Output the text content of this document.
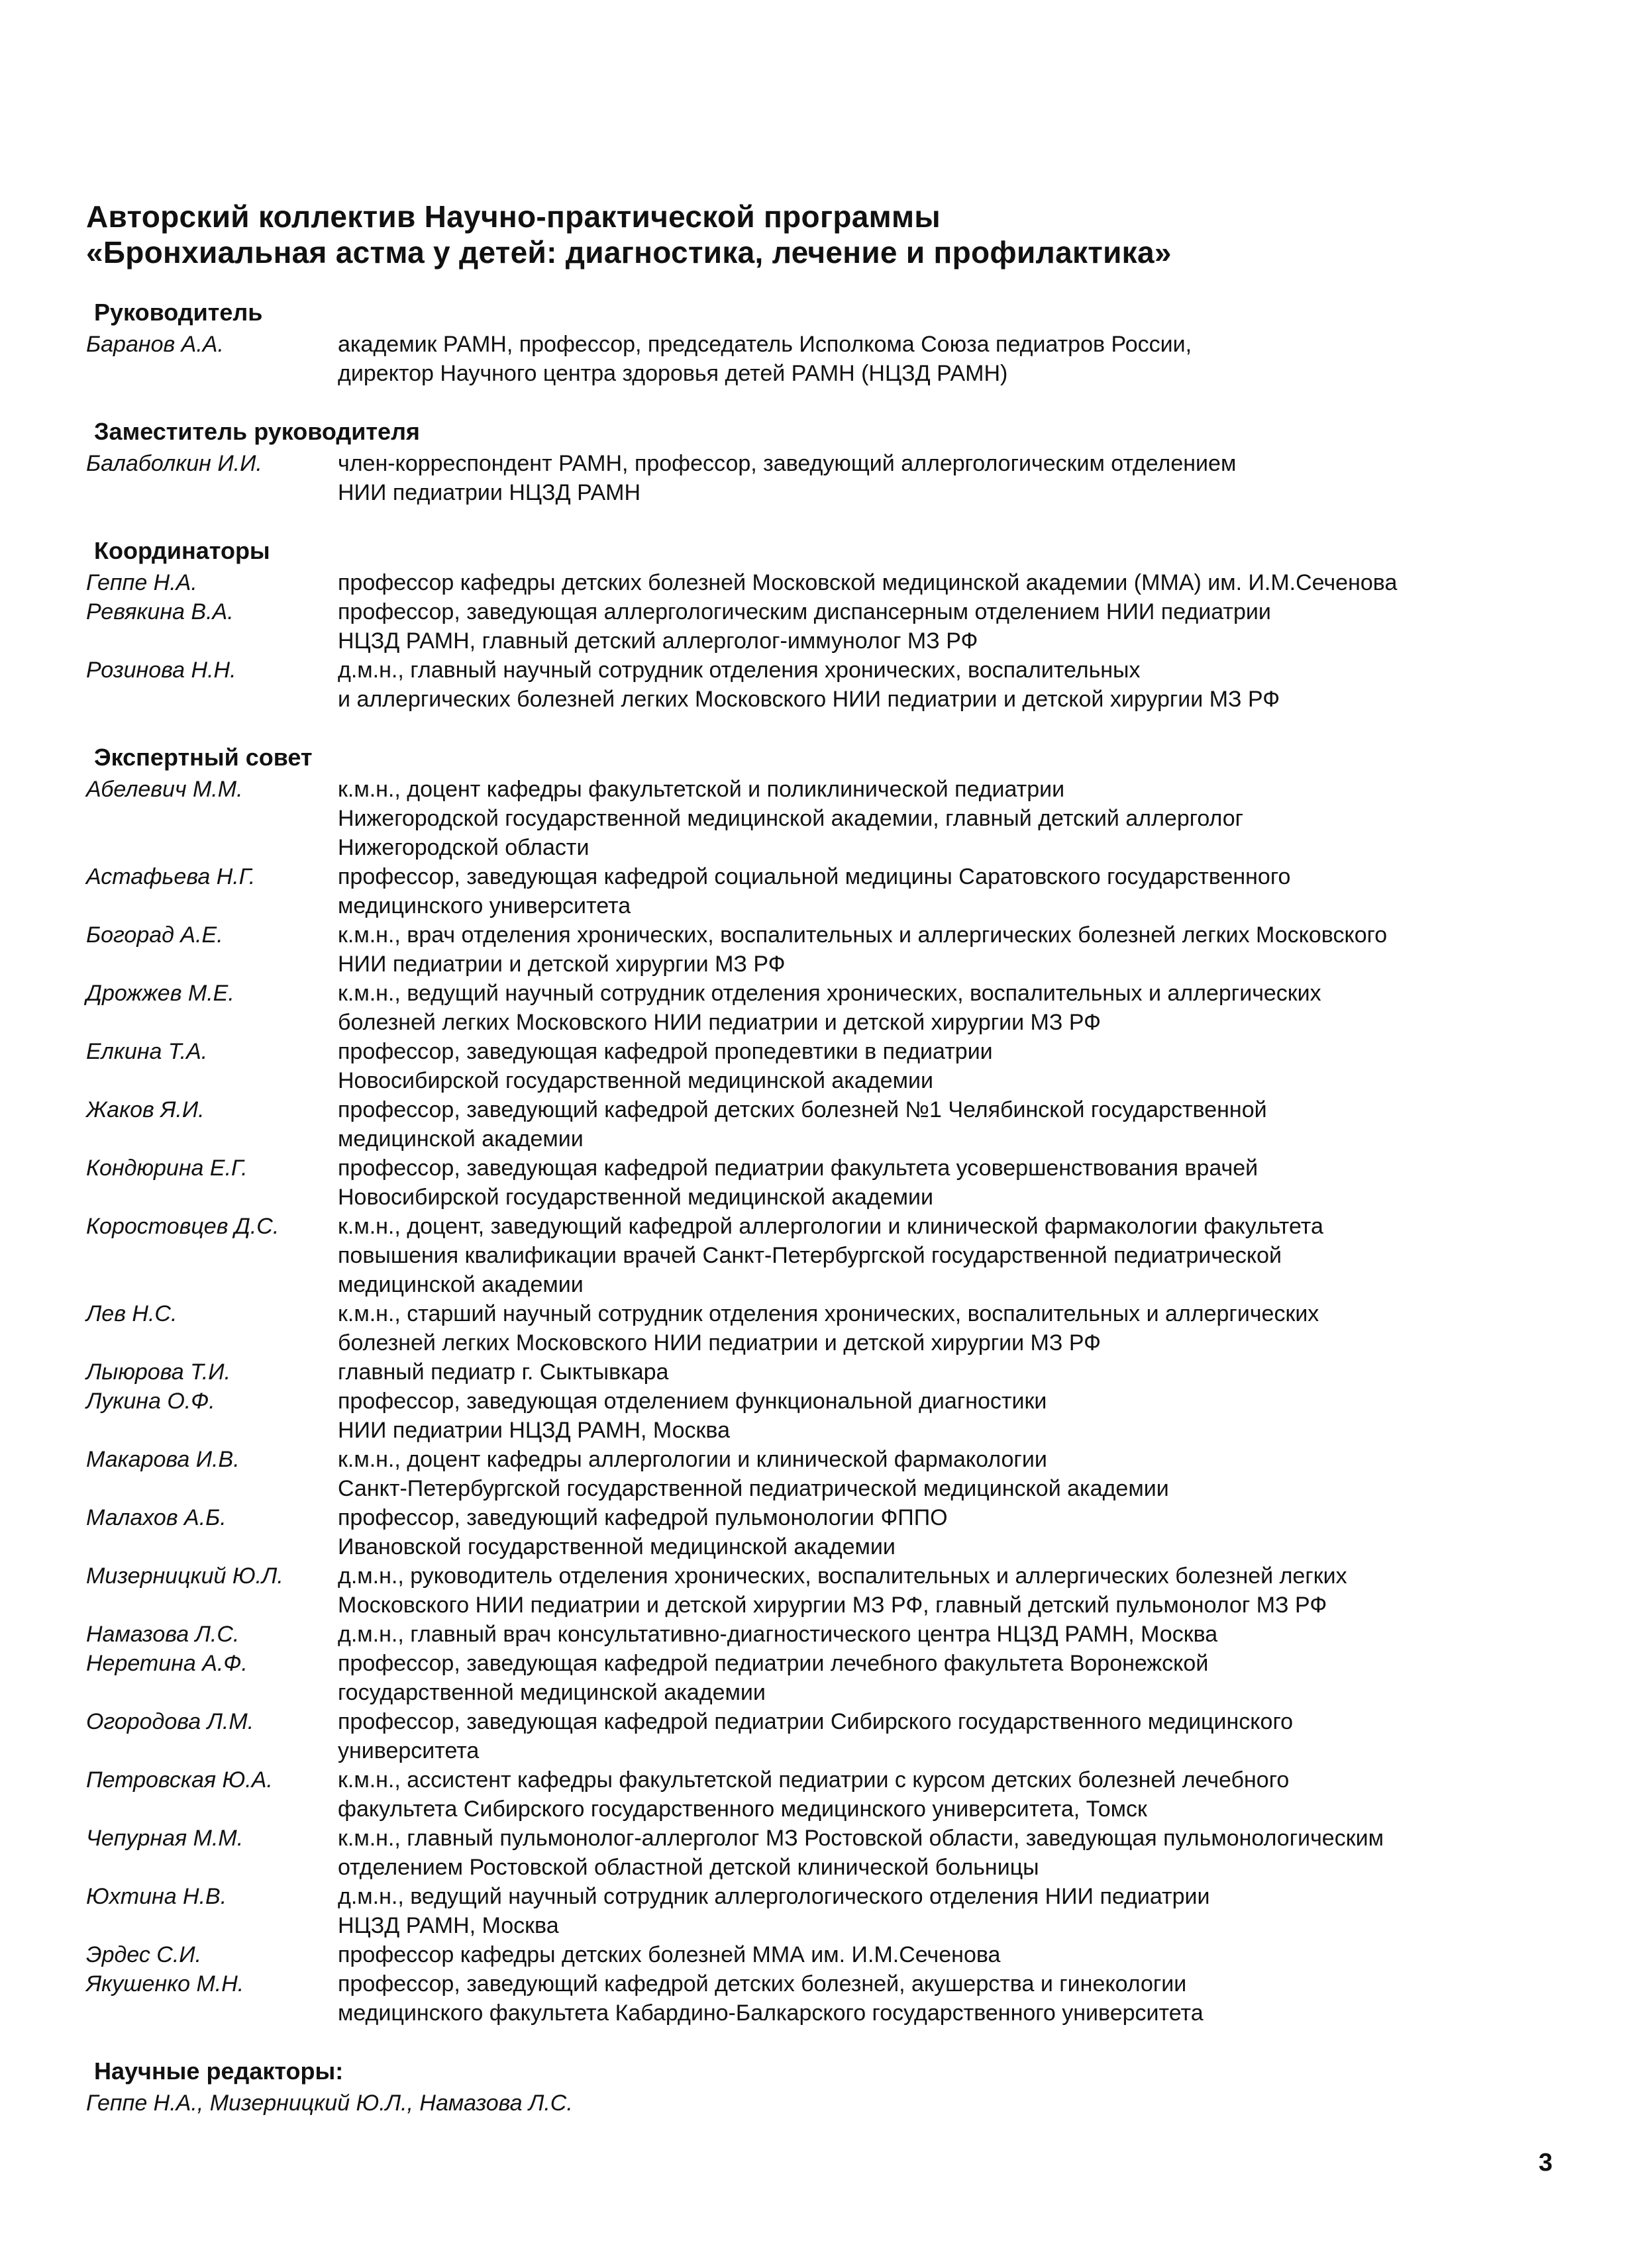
Авторский коллектив Научно-практической программы
«Бронхиальная астма у детей: диагностика, лечение и профилактика»
Руководитель
Баранов А.А.	академик РАМН, профессор, председатель Исполкома Союза педиатров России,
директор Научного центра здоровья детей РАМН (НЦЗД РАМН)
Заместитель руководителя
Балаболкин И.И.	член-корреспондент РАМН, профессор, заведующий аллергологическим отделением
НИИ педиатрии НЦЗД РАМН
Координаторы
Геппе Н.А.	профессор кафедры детских болезней Московской медицинской академии (ММА) им. И.М.Сеченова
Ревякина В.А.	профессор, заведующая аллергологическим диспансерным отделением НИИ педиатрии
НЦЗД РАМН, главный детский аллерголог-иммунолог МЗ РФ
Розинова Н.Н.	д.м.н., главный научный сотрудник отделения хронических, воспалительных
и аллергических болезней легких Московского НИИ педиатрии и детской хирургии МЗ РФ
Экспертный совет
Абелевич М.М.	к.м.н., доцент кафедры факультетской и поликлинической педиатрии
Нижегородской государственной медицинской академии, главный детский аллерголог
Нижегородской области
Астафьева Н.Г.	профессор, заведующая кафедрой социальной медицины Саратовского государственного
медицинского университета
Богорад А.Е.	к.м.н., врач отделения хронических, воспалительных и аллергических болезней легких Московского
НИИ педиатрии и детской хирургии МЗ РФ
Дрожжев М.Е.	к.м.н., ведущий научный сотрудник отделения хронических, воспалительных и аллергических
болезней легких Московского НИИ педиатрии и детской хирургии МЗ РФ
Елкина Т.А.	профессор, заведующая кафедрой пропедевтики в педиатрии
Новосибирской государственной медицинской академии
Жаков Я.И.	профессор, заведующий кафедрой детских болезней №1 Челябинской государственной
медицинской академии
Кондюрина Е.Г.	профессор, заведующая кафедрой педиатрии факультета усовершенствования врачей
Новосибирской государственной медицинской академии
Коростовцев Д.С.	к.м.н., доцент, заведующий кафедрой аллергологии и клинической фармакологии факультета
повышения квалификации врачей Санкт-Петербургской государственной педиатрической
медицинской академии
Лев Н.С.	к.м.н., старший научный сотрудник отделения хронических, воспалительных и аллергических
болезней легких Московского НИИ педиатрии и детской хирургии МЗ РФ
Лыюрова Т.И.	главный педиатр г. Сыктывкара
Лукина О.Ф.	профессор, заведующая отделением функциональной диагностики
НИИ педиатрии НЦЗД РАМН, Москва
Макарова И.В.	к.м.н., доцент кафедры аллергологии и клинической фармакологии
Санкт-Петербургской государственной педиатрической медицинской академии
Малахов А.Б.	профессор, заведующий кафедрой пульмонологии ФППО
Ивановской государственной медицинской академии
Мизерницкий Ю.Л.	д.м.н., руководитель отделения хронических, воспалительных и аллергических болезней легких
Московского НИИ педиатрии и детской хирургии МЗ РФ, главный детский пульмонолог МЗ РФ
Намазова Л.С.	д.м.н., главный врач консультативно-диагностического центра НЦЗД РАМН, Москва
Неретина А.Ф.	профессор, заведующая кафедрой педиатрии лечебного факультета Воронежской
государственной медицинской академии
Огородова Л.М.	профессор, заведующая кафедрой педиатрии Сибирского государственного медицинского
университета
Петровская Ю.А.	к.м.н., ассистент кафедры факультетской педиатрии с курсом детских болезней лечебного
факультета Сибирского государственного медицинского университета, Томск
Чепурная М.М.	к.м.н., главный пульмонолог-аллерголог МЗ Ростовской области, заведующая пульмонологическим
отделением Ростовской областной детской клинической больницы
Юхтина Н.В.	д.м.н., ведущий научный сотрудник аллергологического отделения НИИ педиатрии
НЦЗД РАМН, Москва
Эрдес С.И.	профессор кафедры детских болезней ММА им. И.М.Сеченова
Якушенко М.Н.	профессор, заведующий кафедрой детских болезней, акушерства и гинекологии
медицинского факультета Кабардино-Балкарского государственного университета
Научные редакторы:
Геппе Н.А., Мизерницкий Ю.Л., Намазова Л.С.
3
